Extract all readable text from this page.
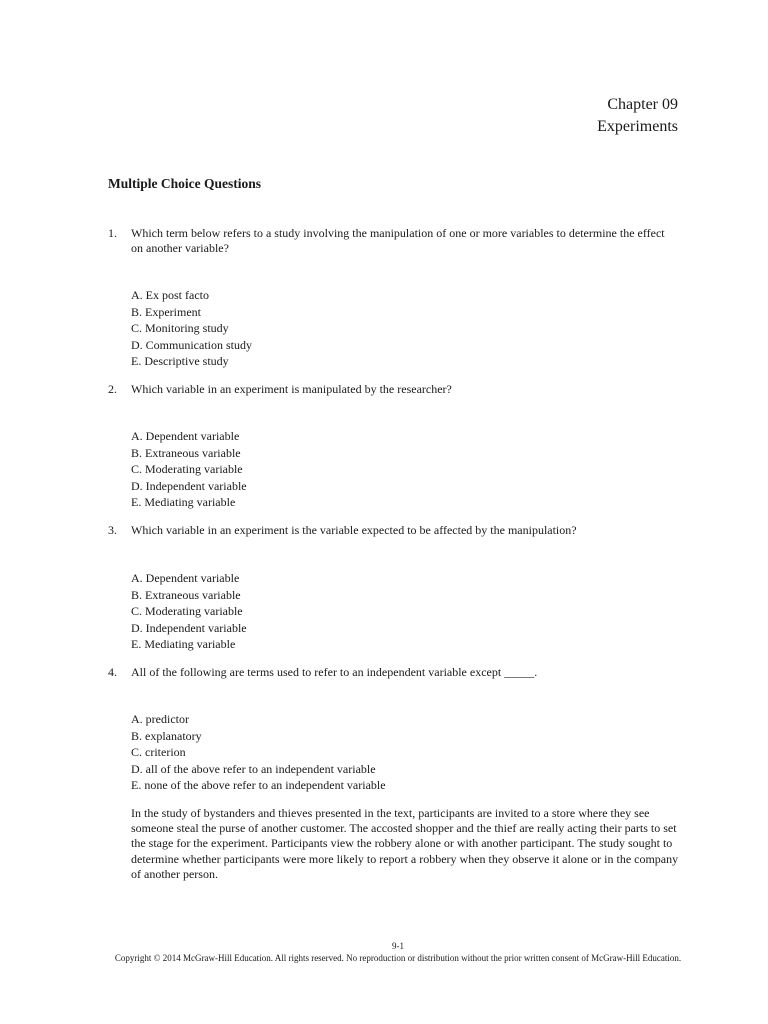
Chapter 09
Experiments
Multiple Choice Questions
1.	Which term below refers to a study involving the manipulation of one or more variables to determine the effect on another variable?
A. Ex post facto
B. Experiment
C. Monitoring study
D. Communication study
E. Descriptive study
2.	Which variable in an experiment is manipulated by the researcher?
A. Dependent variable
B. Extraneous variable
C. Moderating variable
D. Independent variable
E. Mediating variable
3.	Which variable in an experiment is the variable expected to be affected by the manipulation?
A. Dependent variable
B. Extraneous variable
C. Moderating variable
D. Independent variable
E. Mediating variable
4.	All of the following are terms used to refer to an independent variable except _____.
A. predictor
B. explanatory
C. criterion
D. all of the above refer to an independent variable
E. none of the above refer to an independent variable
In the study of bystanders and thieves presented in the text, participants are invited to a store where they see someone steal the purse of another customer. The accosted shopper and the thief are really acting their parts to set the stage for the experiment. Participants view the robbery alone or with another participant. The study sought to determine whether participants were more likely to report a robbery when they observe it alone or in the company of another person.
9-1
Copyright © 2014 McGraw-Hill Education. All rights reserved. No reproduction or distribution without the prior written consent of McGraw-Hill Education.
